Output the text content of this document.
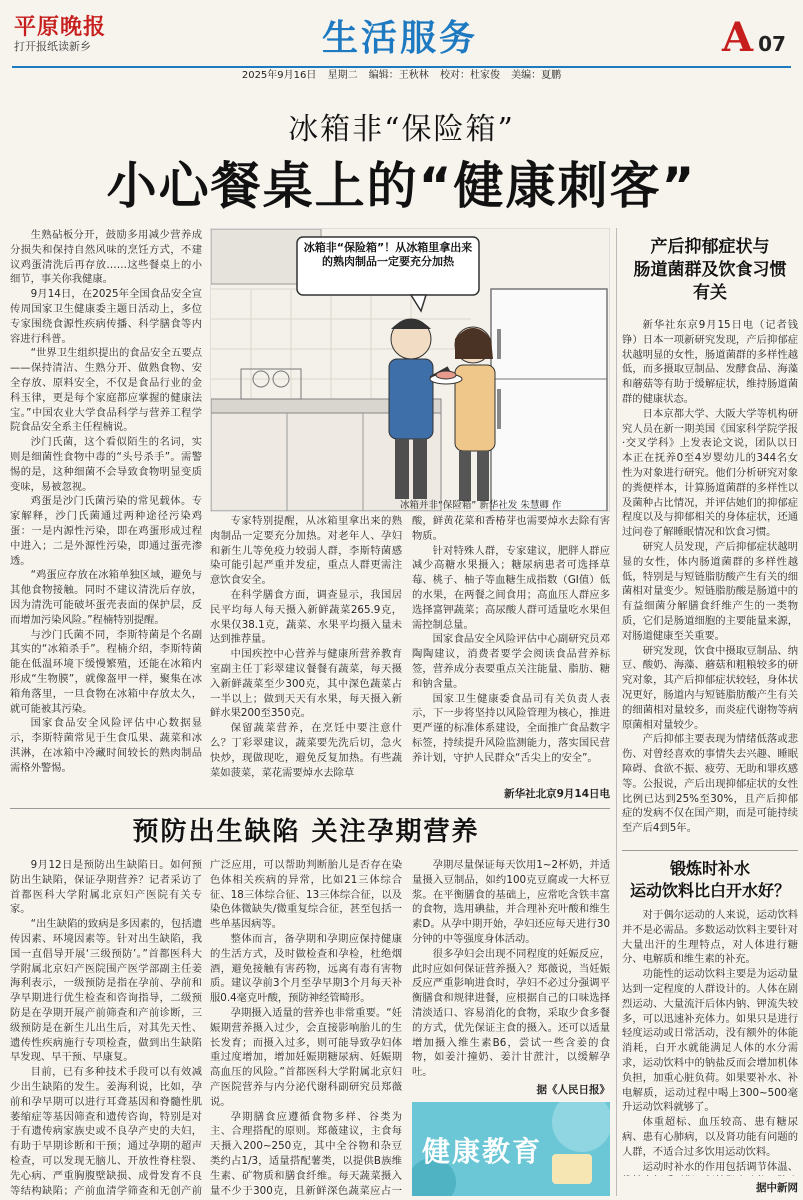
平原晚报
打开报纸读新乡	生活服务	A 07
2025年9月16日 星期二 编辑：王秋林 校对：杜家俊 美编：夏鹏
冰箱非“保险箱”
小心餐桌上的“健康刺客”

生熟砧板分开，鼓励多用减少营养成分损失和保持自然风味的烹饪方式，不建议鸡蛋清洗后再存放……这些餐桌上的小细节，事关你我健康。

9月14日，在2025年全国食品安全宣传周国家卫生健康委主题日活动上，多位专家围绕食源性疾病传播、科学膳食等内容进行科普。

“世界卫生组织提出的食品安全五要点——保持清洁、生熟分开、做熟食物、安全存放、原料安全，不仅是食品行业的金科玉律，更是每个家庭都应掌握的健康法宝。”中国农业大学食品科学与营养工程学院食品安全系主任程楠说。

沙门氏菌，这个看似陌生的名词，实则是细菌性食物中毒的“头号杀手”。需警惕的是，这种细菌不会导致食物明显变质变味，易被忽视。

鸡蛋是沙门氏菌污染的常见载体。专家解释，沙门氏菌通过两种途径污染鸡蛋：一是内源性污染，即在鸡蛋形成过程中进入；二是外源性污染，即通过蛋壳渗透。

“鸡蛋应存放在冰箱单独区域，避免与其他食物接触。同时不建议清洗后存放，因为清洗可能破坏蛋壳表面的保护层，反而增加污染风险。”程楠特别提醒。

与沙门氏菌不同，李斯特菌是个名副其实的“冰箱杀手”。程楠介绍，李斯特菌能在低温环境下缓慢繁殖，还能在冰箱内形成“生物膜”，就像盔甲一样，聚集在冰箱角落里，一旦食物在冰箱中存放太久，就可能被其污染。

国家食品安全风险评估中心数据显示，李斯特菌常见于生食瓜果、蔬菜和冰淇淋，在冰箱中冷藏时间较长的熟肉制品需格外警惕。

冰箱非“保险箱”！从冰箱里拿出来的熟肉制品一定要充分加热
冰箱并非“保险箱” 新华社发 朱慧卿 作

专家特别提醒，从冰箱里拿出来的熟肉制品一定要充分加热。对老年人、孕妇和新生儿等免疫力较弱人群，李斯特菌感染可能引起严重并发症，重点人群更需注意饮食安全。

在科学膳食方面，调查显示，我国居民平均每人每天摄入新鲜蔬菜265.9克，水果仅38.1克，蔬菜、水果平均摄入量未达到推荐量。

中国疾控中心营养与健康所营养教育室副主任丁彩翠建议餐餐有蔬菜，每天摄入新鲜蔬菜至少300克，其中深色蔬菜占一半以上；做到天天有水果，每天摄入新鲜水果200至350克。

保留蔬菜营养，在烹饪中要注意什么？丁彩翠建议，蔬菜要先洗后切，急火快炒，现做现吃，避免反复加热。有些蔬菜如菠菜，菜花需要焯水去除草

酸，鲜黄花菜和香椿芽也需要焯水去除有害物质。

针对特殊人群，专家建议，肥胖人群应减少高糖水果摄入；糖尿病患者可选择草莓、桃子、柚子等血糖生成指数（GI值）低的水果，在两餐之间食用；高血压人群应多选择富钾蔬菜；高尿酸人群可适量吃水果但需控制总量。

国家食品安全风险评估中心副研究员邓陶陶建议，消费者要学会阅读食品营养标签，营养成分表要重点关注能量、脂肪、糖和钠含量。

国家卫生健康委食品司有关负责人表示，下一步将坚持以风险管理为核心，推进更严谨的标准体系建设，全面推广食品数字标签，持续提升风险监测能力，落实国民营养计划，守护人民群众“舌尖上的安全”。

新华社北京9月14日电
产后抑郁症状与
肠道菌群及饮食习惯
有关

新华社东京9月15日电（记者钱铮）日本一项新研究发现，产后抑郁症状越明显的女性，肠道菌群的多样性越低，而多摄取豆制品、发酵食品、海藻和蘑菇等有助于缓解症状，维持肠道菌群的健康状态。

日本京都大学、大阪大学等机构研究人员在新一期美国《国家科学院学报·交叉学科》上发表论文说，团队以日本正在抚养0至4岁婴幼儿的344名女性为对象进行研究。他们分析研究对象的粪便样本，计算肠道菌群的多样性以及菌种占比情况，并评估她们的抑郁症程度以及与抑郁相关的身体症状，还通过问卷了解睡眠情况和饮食习惯。

研究人员发现，产后抑郁症状越明显的女性，体内肠道菌群的多样性越低，特别是与短链脂肪酸产生有关的细菌相对量变少。短链脂肪酸是肠道中的有益细菌分解膳食纤维产生的一类物质，它们是肠道细胞的主要能量来源，对肠道健康至关重要。

研究发现，饮食中摄取豆制品、纳豆、酸奶、海藻、蘑菇和粗粮较多的研究对象，其产后抑郁症状较轻，身体状况更好，肠道内与短链脂肪酸产生有关的细菌相对量较多，而炎症代谢物等病原菌相对量较少。

产后抑郁主要表现为情绪低落或悲伤、对曾经喜欢的事情失去兴趣、睡眠障碍、食欲不振、疲劳、无助和罪疚感等。公报说，产后出现抑郁症状的女性比例已达到25%至30%，且产后抑郁症的发病不仅在国产期，而是可能持续至产后4到5年。

锻炼时补水
运动饮料比白开水好？

对于偶尔运动的人来说，运动饮料并不是必需品。多数运动饮料主要针对大量出汗的生理特点，对人体进行糖分、电解质和维生素的补充。

功能性的运动饮料主要是为运动量达到一定程度的人群设计的。人体在剧烈运动、大量流汗后体内钠、钾流失较多，可以迅速补充体力。如果只是进行轻度运动或日常活动，没有额外的体能消耗，白开水就能满足人体的水分需求，运动饮料中的钠盐反而会增加机体负担，加重心脏负荷。如果要补水、补电解质，运动过程中喝上300~500毫升运动饮料就够了。

体重超标、血压较高、患有糖尿病、患有心肺病，以及肾功能有问题的人群，不适合过多饮用运动饮料。

运动时补水的作用包括调节体温、

据中新网
预防出生缺陷 关注孕期营养

9月12日是预防出生缺陷日。如何预防出生缺陷，保证孕期营养？记者采访了首都医科大学附属北京妇产医院有关专家。

“出生缺陷的致病是多因素的，包括遗传因素、环境因素等。针对出生缺陷，我国一直倡导开展‘三级预防’。”首都医科大学附属北京妇产医院围产医学部副主任姜海利表示，一级预防是指在孕前、孕前和孕早期进行优生检查和咨询指导，二级预防是在孕期开展产前筛查和产前诊断，三级预防是在新生儿出生后，对其先天性、遗传性疾病施行专项检查，做到出生缺陷早发现、早干预、早康复。

目前，已有多种技术手段可以有效减少出生缺陷的发生。姜海利说，比如，孕前和孕早期可以进行耳聋基因和脊髓性肌萎缩症等基因筛查和遗传咨询，特别是对于有遗传病家族史或不良孕产史的夫妇，有助于早期诊断和干预；通过孕期的超声检查，可以发现无脑儿、开放性脊柱裂、先心病、严重胸腹壁缺损、成骨发育不良等结构缺陷；产前血清学筛查和无创产前

广泛应用，可以帮助判断胎儿是否存在染色体相关疾病的异常，比如21三体综合征、18三体综合征、13三体综合征，以及染色体微缺失/微重复综合征，甚至包括一些单基因病等。

整体而言，备孕期和孕期应保持健康的生活方式，及时做检查和孕检，杜绝烟酒，避免接触有害药物，远离有毒有害物质。建议孕前3个月至孕早期3个月每天补服0.4毫克叶酸，预防神经管畸形。

孕期摄入适量的营养也非常重要。“妊娠期营养摄入过少，会直接影响胎儿的生长发育；而摄入过多，则可能导致孕妇体重过度增加，增加妊娠期糖尿病、妊娠期高血压的风险。”首都医科大学附属北京妇产医院营养与内分泌代谢科副研究员郑薇说。

孕期膳食应遵循食物多样、谷类为主、合理搭配的原则。郑薇建议，主食每天摄入200~250克，其中全谷物和杂豆类约占1/3，适量搭配薯类，以提供B族维生素、矿物质和膳食纤维。每天蔬菜摄入量不少于300克，且新鲜深色蔬菜应占一

孕期尽量保证每天饮用1~2杯奶，并适量摄入豆制品，如约100克豆腐或一大杯豆浆。在平衡膳食的基础上，应常吃含铁丰富的食物，选用碘盐，并合理补充叶酸和维生素D。从孕中期开始，孕妇还应每天进行30分钟的中等强度身体活动。

很多孕妇会出现不同程度的妊娠反应，此时应如何保证营养摄入？郑薇说，当妊娠反应严重影响进食时，孕妇不必过分强调平衡膳食和规律进餐，应根据自己的口味选择清淡适口、容易消化的食物，采取少食多餐的方式，优先保证主食的摄入。还可以适量增加摄入维生素B6，尝试一些含姜的食物，如姜汁撞奶、姜汁甘蔗汁，以缓解孕吐。

据《人民日报》
健康教育
